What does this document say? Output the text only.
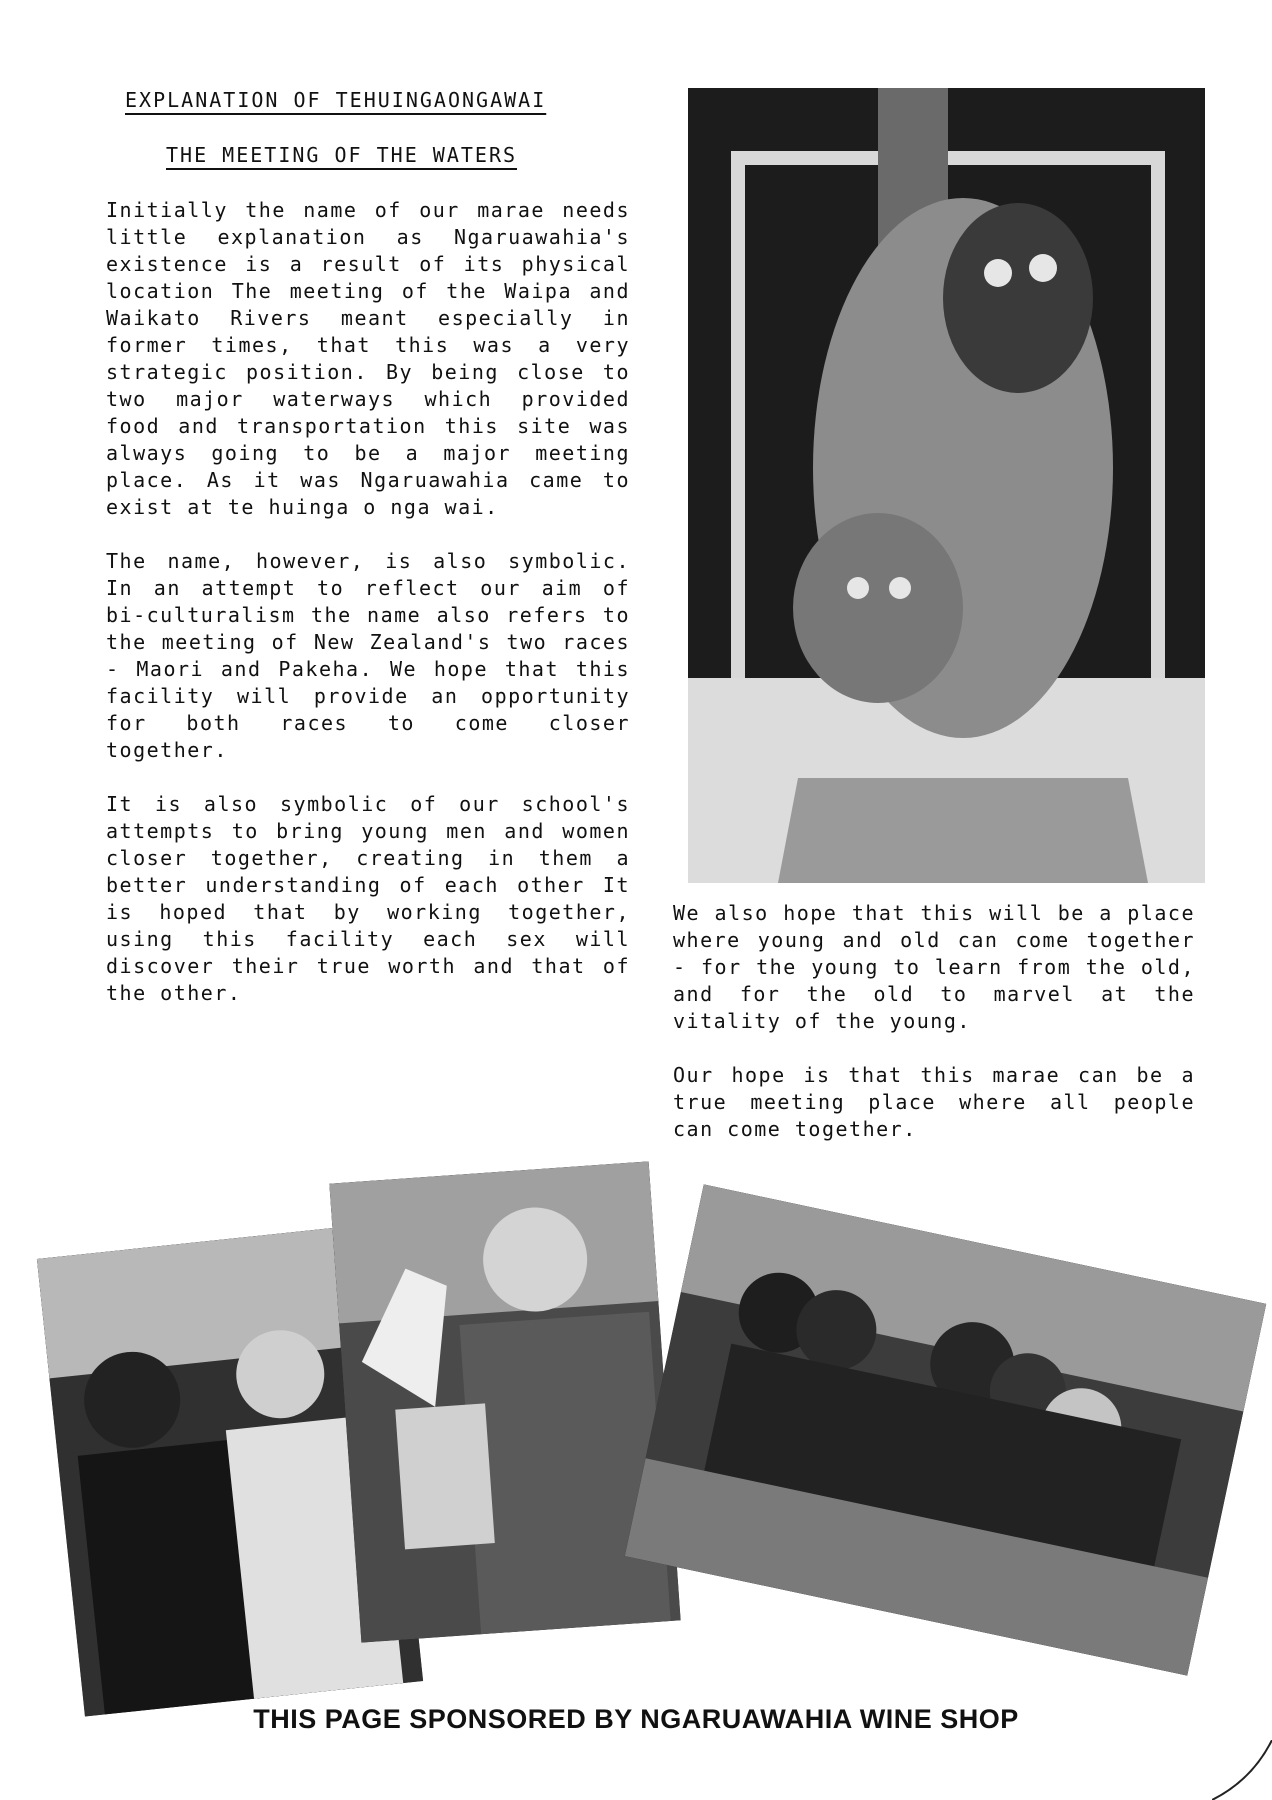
EXPLANATION OF TEHUINGAONGAWAI
THE MEETING OF THE WATERS

Initially the name of our marae needs little explanation as Ngaruawahia's existence is a result of its physical location The meeting of the Waipa and Waikato Rivers meant especially in former times, that this was a very strategic position. By being close to two major waterways which provided food and transportation this site was always going to be a major meeting place. As it was Ngaruawahia came to exist at te huinga o nga wai.

The name, however, is also symbolic. In an attempt to reflect our aim of bi-culturalism the name also refers to the meeting of New Zealand's two races - Maori and Pakeha. We hope that this facility will provide an opportunity for both races to come closer together.

It is also symbolic of our school's attempts to bring young men and women closer together, creating in them a better understanding of each other It is hoped that by working together, using this facility each sex will discover their true worth and that of the other.

We also hope that this will be a place where young and old can come together - for the young to learn from the old, and for the old to marvel at the vitality of the young.

Our hope is that this marae can be a true meeting place where all people can come together.

THIS PAGE SPONSORED BY NGARUAWAHIA WINE SHOP
